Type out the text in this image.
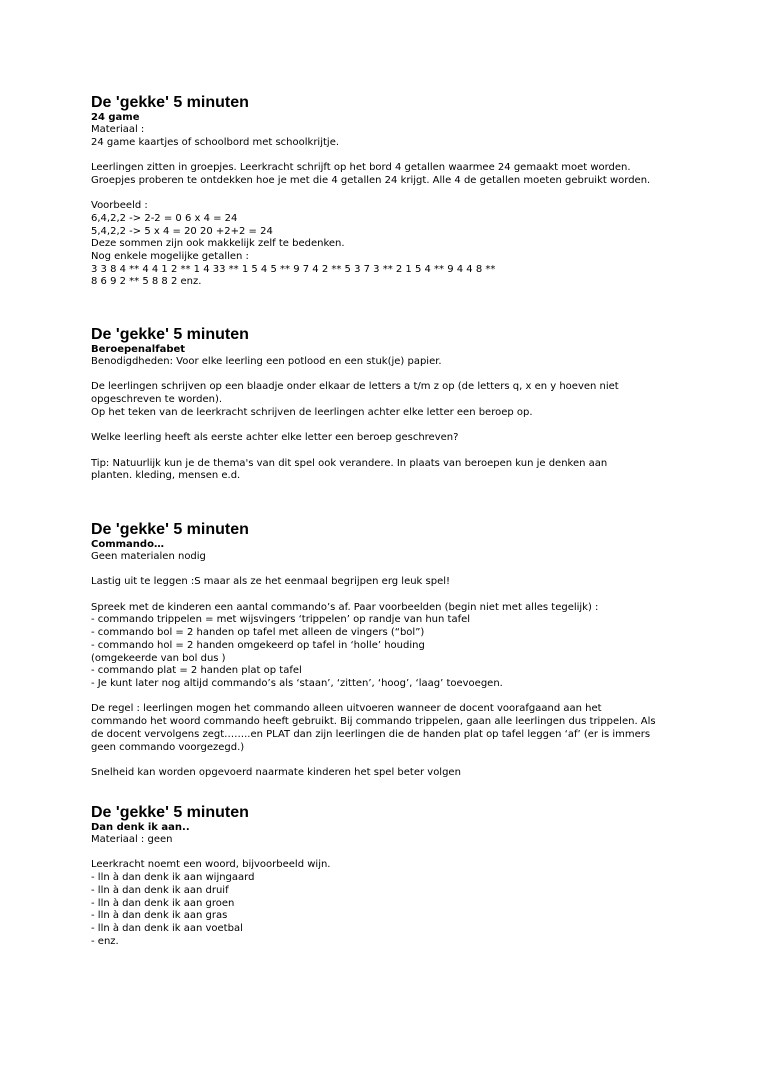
De 'gekke' 5 minuten
24 game
Materiaal :
24 game kaartjes of schoolbord met schoolkrijtje.
Leerlingen zitten in groepjes. Leerkracht schrijft op het bord 4 getallen waarmee 24 gemaakt moet worden.
Groepjes proberen te ontdekken hoe je met die 4 getallen 24 krijgt. Alle 4 de getallen moeten gebruikt worden.
Voorbeeld :
6,4,2,2 -> 2-2 = 0 6 x 4 = 24
5,4,2,2 -> 5 x 4 = 20 20 +2+2 = 24
Deze sommen zijn ook makkelijk zelf te bedenken.
Nog enkele mogelijke getallen :
3 3 8 4 ** 4 4 1 2 ** 1 4 33 ** 1 5 4 5 ** 9 7 4 2 ** 5 3 7 3 ** 2 1 5 4 ** 9 4 4 8 **
8 6 9 2 ** 5 8 8 2 enz.
De 'gekke' 5 minuten
Beroepenalfabet
Benodigdheden: Voor elke leerling een potlood en een stuk(je) papier.
De leerlingen schrijven op een blaadje onder elkaar de letters a t/m z op (de letters q, x en y hoeven niet
opgeschreven te worden).
Op het teken van de leerkracht schrijven de leerlingen achter elke letter een beroep op.
Welke leerling heeft als eerste achter elke letter een beroep geschreven?
Tip: Natuurlijk kun je de thema's van dit spel ook verandere. In plaats van beroepen kun je denken aan
planten. kleding, mensen e.d.
De 'gekke' 5 minuten
Commando…
Geen materialen nodig
Lastig uit te leggen :S maar als ze het eenmaal begrijpen erg leuk spel!
Spreek met de kinderen een aantal commando’s af. Paar voorbeelden (begin niet met alles tegelijk) :
- commando trippelen = met wijsvingers ‘trippelen’ op randje van hun tafel
- commando bol = 2 handen op tafel met alleen de vingers (“bol”)
- commando hol = 2 handen omgekeerd op tafel in ‘holle’ houding
(omgekeerde van bol dus )
- commando plat = 2 handen plat op tafel
- Je kunt later nog altijd commando’s als ‘staan’, ‘zitten’, ‘hoog’, ‘laag’ toevoegen.
De regel : leerlingen mogen het commando alleen uitvoeren wanneer de docent voorafgaand aan het
commando het woord commando heeft gebruikt. Bij commando trippelen, gaan alle leerlingen dus trippelen. Als
de docent vervolgens zegt……..en PLAT dan zijn leerlingen die de handen plat op tafel leggen ‘af’ (er is immers
geen commando voorgezegd.)
Snelheid kan worden opgevoerd naarmate kinderen het spel beter volgen
De 'gekke' 5 minuten
Dan denk ik aan..
Materiaal : geen
Leerkracht noemt een woord, bijvoorbeeld wijn.
- lln à dan denk ik aan wijngaard
- lln à dan denk ik aan druif
- lln à dan denk ik aan groen
- lln à dan denk ik aan gras
- lln à dan denk ik aan voetbal
- enz.
